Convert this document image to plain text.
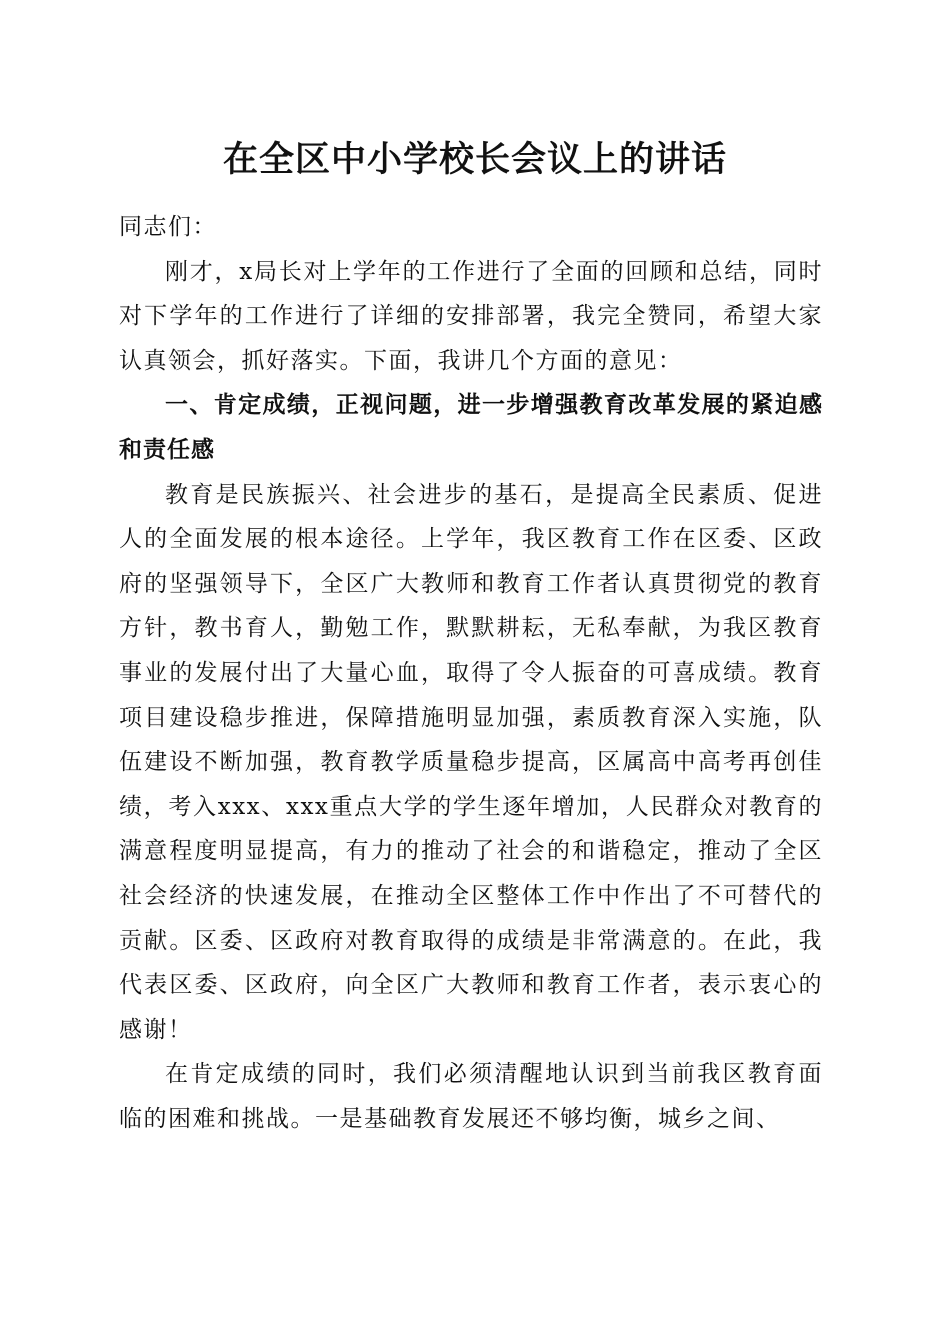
在全区中小学校长会议上的讲话

同志们：

刚才，x局长对上学年的工作进行了全面的回顾和总结，同时对下学年的工作进行了详细的安排部署，我完全赞同，希望大家认真领会，抓好落实。下面，我讲几个方面的意见：

一、肯定成绩，正视问题，进一步增强教育改革发展的紧迫感和责任感

教育是民族振兴、社会进步的基石，是提高全民素质、促进人的全面发展的根本途径。上学年，我区教育工作在区委、区政府的坚强领导下，全区广大教师和教育工作者认真贯彻党的教育方针，教书育人，勤勉工作，默默耕耘，无私奉献，为我区教育事业的发展付出了大量心血，取得了令人振奋的可喜成绩。教育项目建设稳步推进，保障措施明显加强，素质教育深入实施，队伍建设不断加强，教育教学质量稳步提高，区属高中高考再创佳绩，考入xxx、xxx重点大学的学生逐年增加，人民群众对教育的满意程度明显提高，有力的推动了社会的和谐稳定，推动了全区社会经济的快速发展，在推动全区整体工作中作出了不可替代的贡献。区委、区政府对教育取得的成绩是非常满意的。在此，我代表区委、区政府，向全区广大教师和教育工作者，表示衷心的感谢！

在肯定成绩的同时，我们必须清醒地认识到当前我区教育面临的困难和挑战。一是基础教育发展还不够均衡，城乡之间、
